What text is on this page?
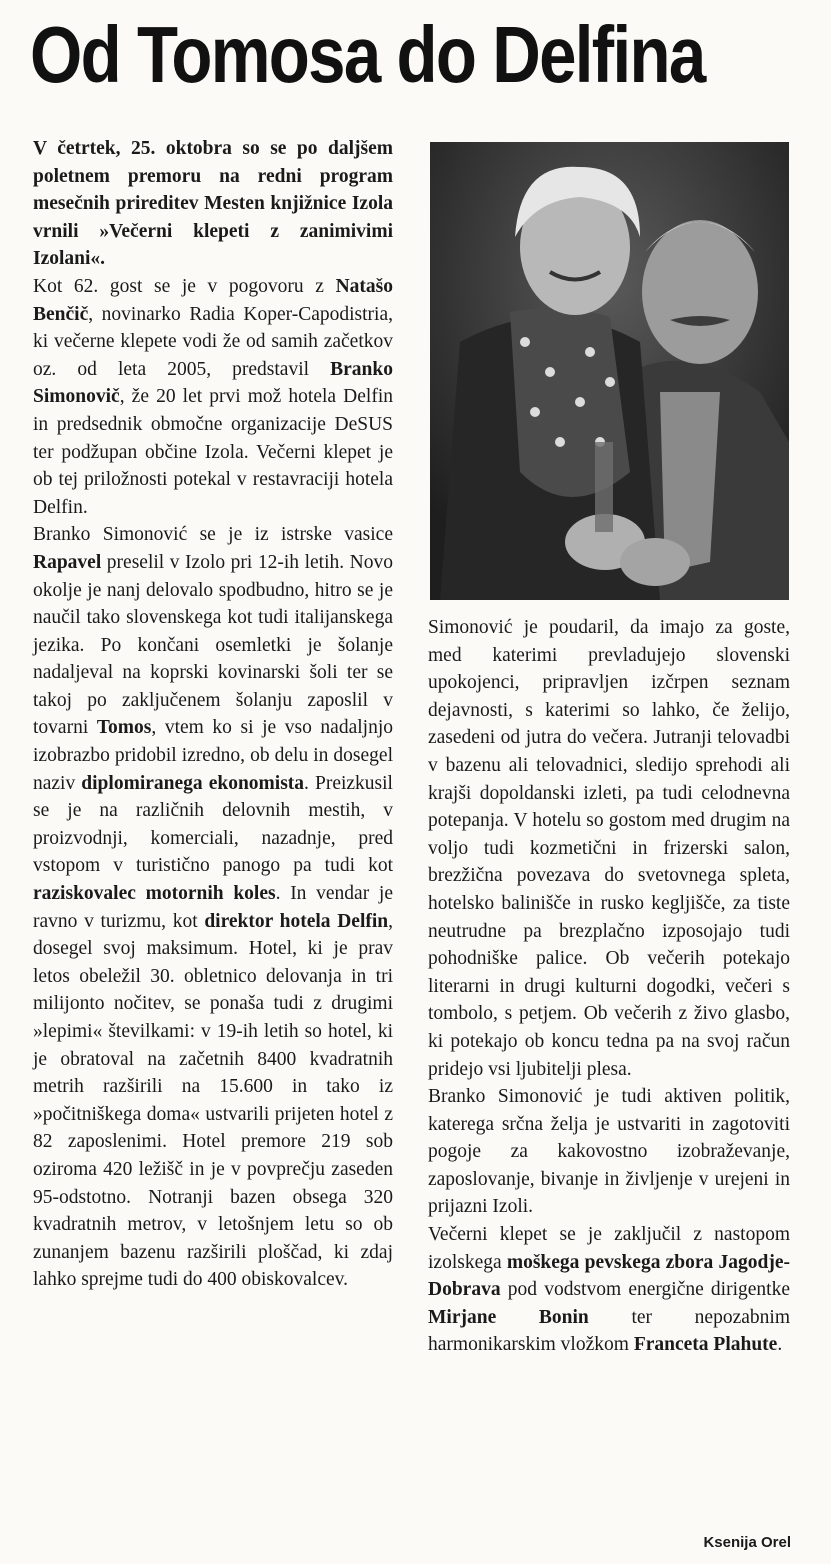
Od Tomosa do Delfina

V četrtek, 25. oktobra so se po daljšem poletnem premoru na redni program mesečnih prireditev Mesten knjižnice Izola vrnili »Večerni klepeti z zanimivimi Izolani«.

Kot 62. gost se je v pogovoru z Natašo Benčič, novinarko Radia Koper-Capodistria, ki večerne klepete vodi že od samih začetkov oz. od leta 2005, predstavil Branko Simonovič, že 20 let prvi mož hotela Delfin in predsednik območne organizacije DeSUS ter podžupan občine Izola. Večerni klepet je ob tej priložnosti potekal v restavraciji hotela Delfin.

Branko Simonović se je iz istrske vasice Rapavel preselil v Izolo pri 12-ih letih. Novo okolje je nanj delovalo spodbudno, hitro se je naučil tako slovenskega kot tudi italijanskega jezika. Po končani osemletki je šolanje nadaljeval na koprski kovinarski šoli ter se takoj po zaključenem šolanju zaposlil v tovarni Tomos, vtem ko si je vso nadaljnjo izobrazbo pridobil izredno, ob delu in dosegel naziv diplomiranega ekonomista. Preizkusil se je na različnih delovnih mestih, v proizvodnji, komerciali, nazadnje, pred vstopom v turistično panogo pa tudi kot raziskovalec motornih koles. In vendar je ravno v turizmu, kot direktor hotela Delfin, dosegel svoj maksimum. Hotel, ki je prav letos obeležil 30. obletnico delovanja in tri milijonto nočitev, se ponaša tudi z drugimi »lepimi« številkami: v 19-ih letih so hotel, ki je obratoval na začetnih 8400 kvadratnih metrih razširili na 15.600 in tako iz »počitniškega doma« ustvarili prijeten hotel z 82 zaposlenimi. Hotel premore 219 sob oziroma 420 ležišč in je v povprečju zaseden 95-odstotno. Notranji bazen obsega 320 kvadratnih metrov, v letošnjem letu so ob zunanjem bazenu razširili ploščad, ki zdaj lahko sprejme tudi do 400 obiskovalcev.

Simonović je poudaril, da imajo za goste, med katerimi prevladujejo slovenski upokojenci, pripravljen izčrpen seznam dejavnosti, s katerimi so lahko, če želijo, zasedeni od jutra do večera. Jutranji telovadbi v bazenu ali telovadnici, sledijo sprehodi ali krajši dopoldanski izleti, pa tudi celodnevna potepanja. V hotelu so gostom med drugim na voljo tudi kozmetični in frizerski salon, brezžična povezava do svetovnega spleta, hotelsko balinišče in rusko kegljišče, za tiste neutrudne pa brezplačno izposojajo tudi pohodniške palice. Ob večerih potekajo literarni in drugi kulturni dogodki, večeri s tombolo, s petjem. Ob večerih z živo glasbo, ki potekajo ob koncu tedna pa na svoj račun pridejo vsi ljubitelji plesa.

Branko Simonović je tudi aktiven politik, katerega srčna želja je ustvariti in zagotoviti pogoje za kakovostno izobraževanje, zaposlovanje, bivanje in življenje v urejeni in prijazni Izoli.

Večerni klepet se je zaključil z nastopom izolskega moškega pevskega zbora Jagodje-Dobrava pod vodstvom energične dirigentke Mirjane Bonin ter nepozabnim harmonikarskim vložkom Franceta Plahute.

Ksenija Orel
